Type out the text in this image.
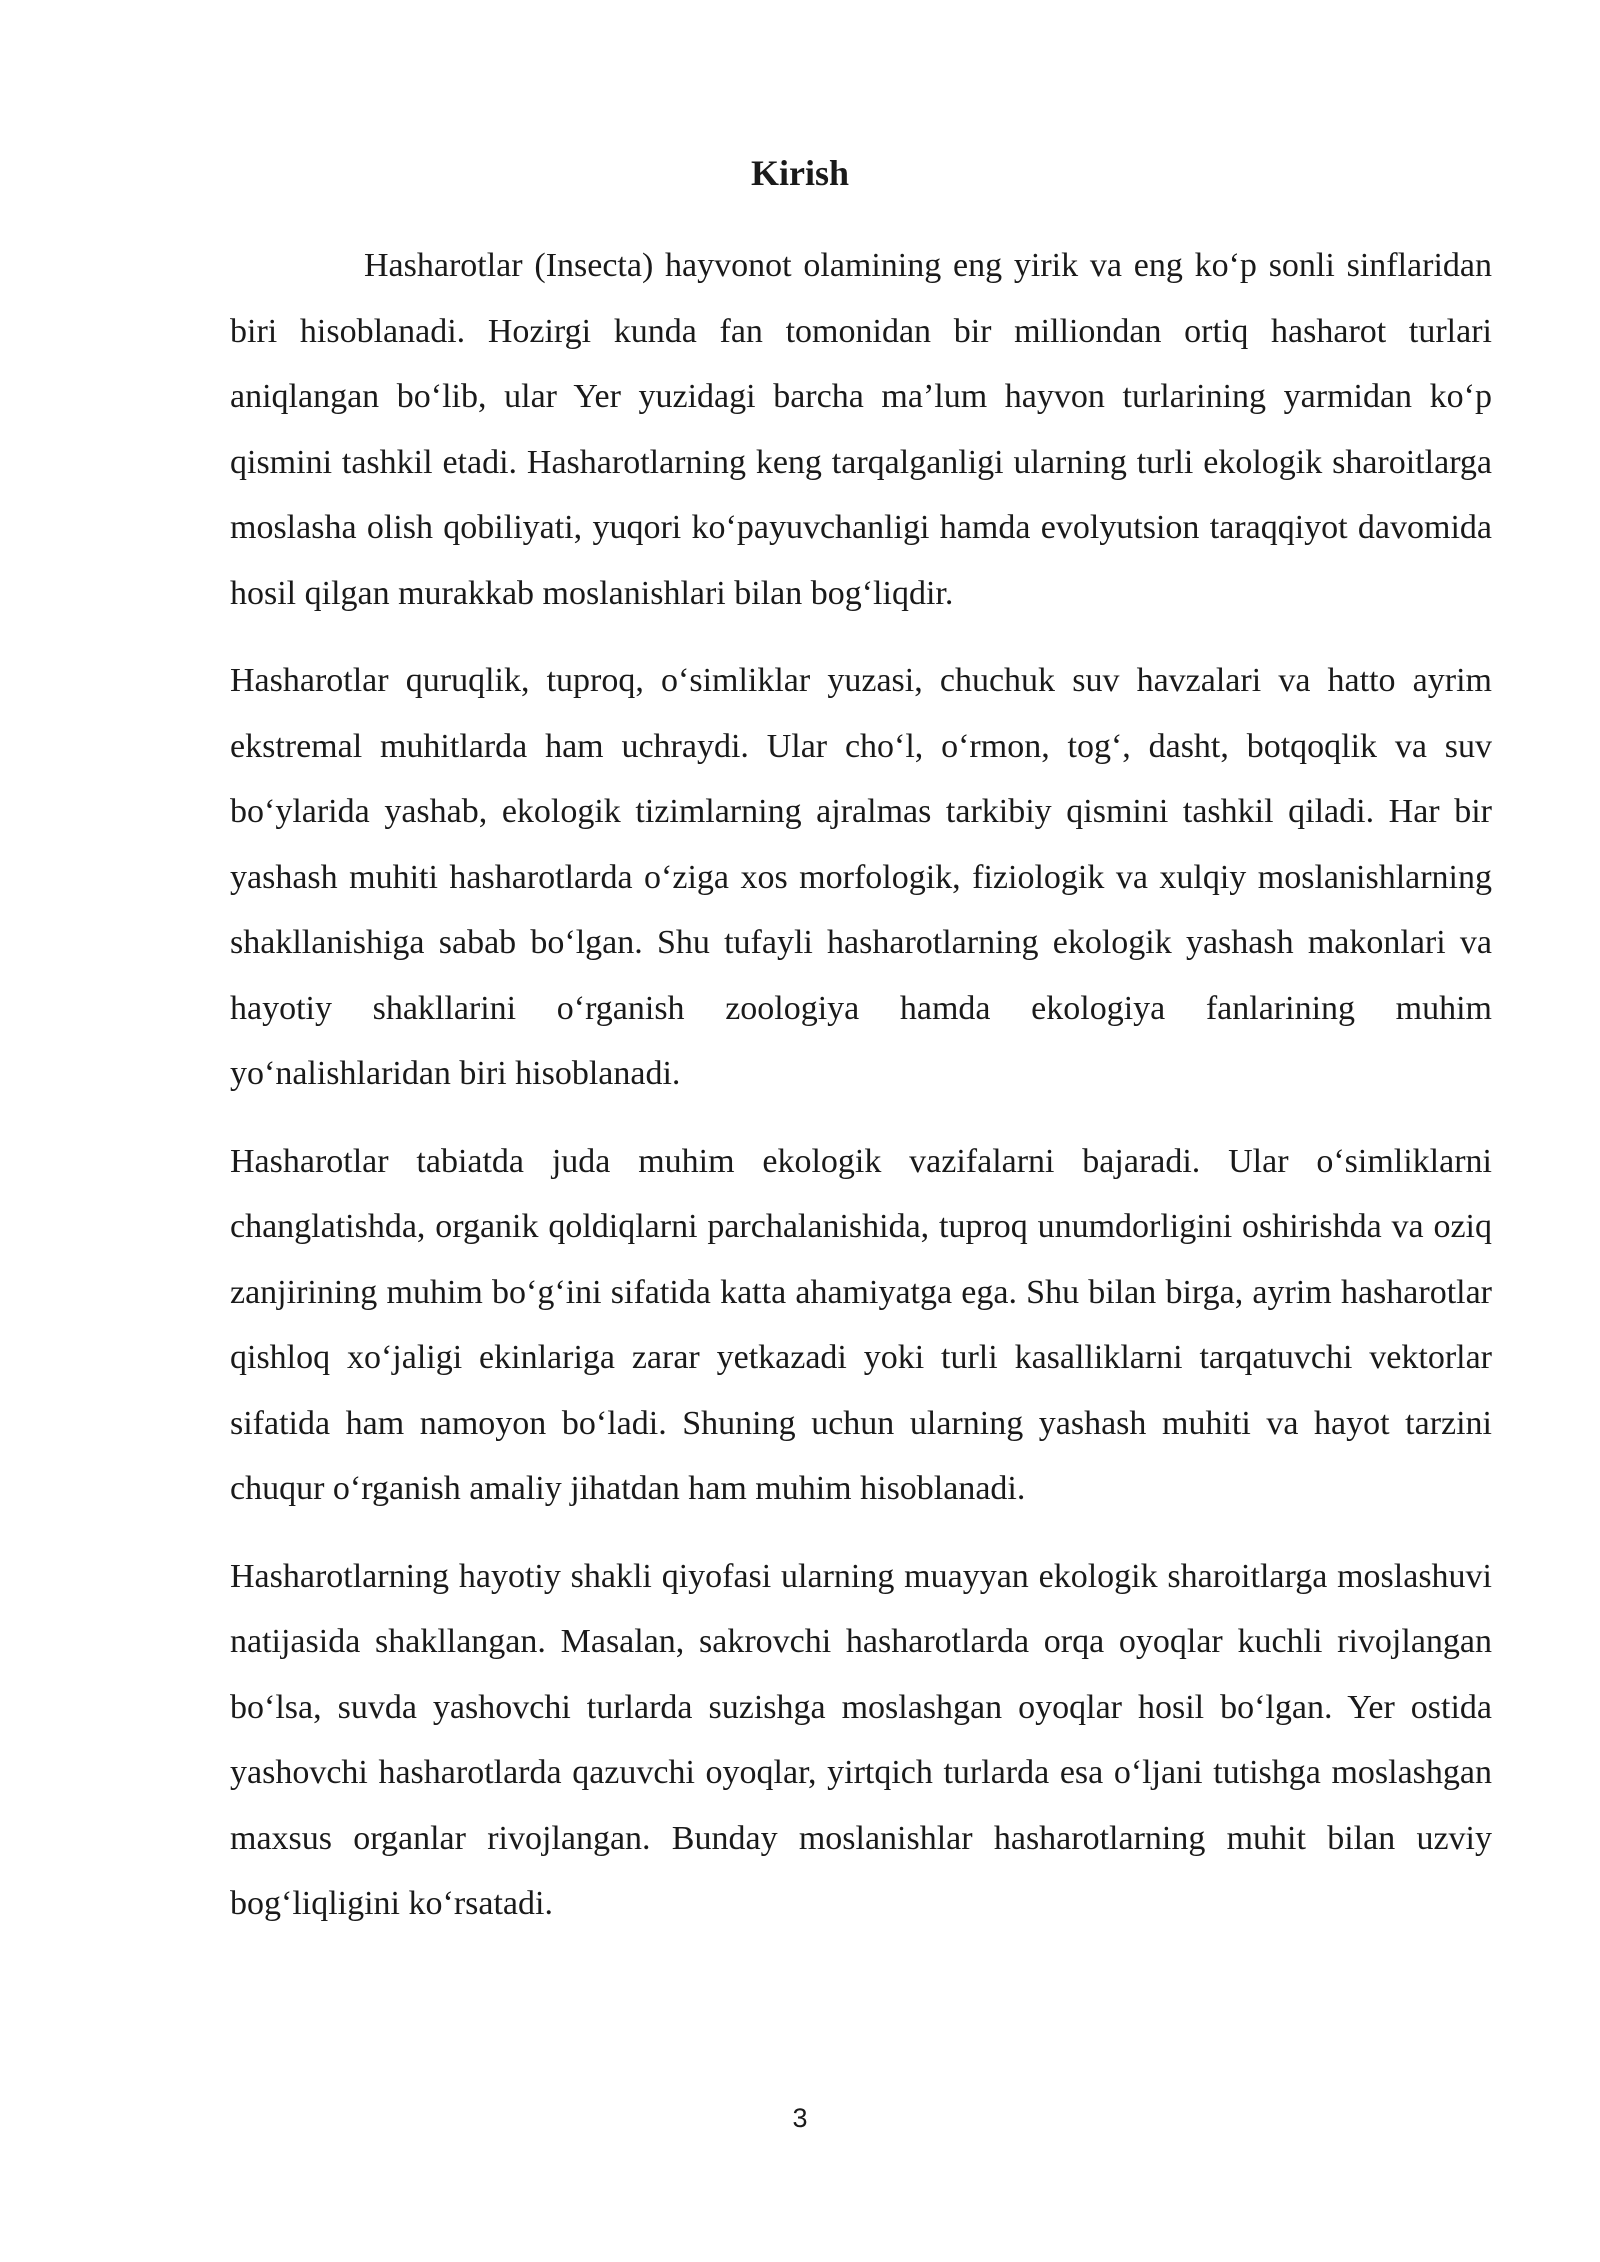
Kirish

Hasharotlar (Insecta) hayvonot olamining eng yirik va eng ko‘p sonli sinflaridan biri hisoblanadi. Hozirgi kunda fan tomonidan bir milliondan ortiq hasharot turlari aniqlangan bo‘lib, ular Yer yuzidagi barcha ma’lum hayvon turlarining yarmidan ko‘p qismini tashkil etadi. Hasharotlarning keng tarqalganligi ularning turli ekologik sharoitlarga moslasha olish qobiliyati, yuqori ko‘payuvchanligi hamda evolyutsion taraqqiyot davomida hosil qilgan murakkab moslanishlari bilan bog‘liqdir.

Hasharotlar quruqlik, tuproq, o‘simliklar yuzasi, chuchuk suv havzalari va hatto ayrim ekstremal muhitlarda ham uchraydi. Ular cho‘l, o‘rmon, tog‘, dasht, botqoqlik va suv bo‘ylarida yashab, ekologik tizimlarning ajralmas tarkibiy qismini tashkil qiladi. Har bir yashash muhiti hasharotlarda o‘ziga xos morfologik, fiziologik va xulqiy moslanishlarning shakllanishiga sabab bo‘lgan. Shu tufayli hasharotlarning ekologik yashash makonlari va hayotiy shakllarini o‘rganish zoologiya hamda ekologiya fanlarining muhim yo‘nalishlaridan biri hisoblanadi.

Hasharotlar tabiatda juda muhim ekologik vazifalarni bajaradi. Ular o‘simliklarni changlatishda, organik qoldiqlarni parchalanishida, tuproq unumdorligini oshirishda va oziq zanjirining muhim bo‘g‘ini sifatida katta ahamiyatga ega. Shu bilan birga, ayrim hasharotlar qishloq xo‘jaligi ekinlariga zarar yetkazadi yoki turli kasalliklarni tarqatuvchi vektorlar sifatida ham namoyon bo‘ladi. Shuning uchun ularning yashash muhiti va hayot tarzini chuqur o‘rganish amaliy jihatdan ham muhim hisoblanadi.

Hasharotlarning hayotiy shakli qiyofasi ularning muayyan ekologik sharoitlarga moslashuvi natijasida shakllangan. Masalan, sakrovchi hasharotlarda orqa oyoqlar kuchli rivojlangan bo‘lsa, suvda yashovchi turlarda suzishga moslashgan oyoqlar hosil bo‘lgan. Yer ostida yashovchi hasharotlarda qazuvchi oyoqlar, yirtqich turlarda esa o‘ljani tutishga moslashgan maxsus organlar rivojlangan. Bunday moslanishlar hasharotlarning muhit bilan uzviy bog‘liqligini ko‘rsatadi.

3
